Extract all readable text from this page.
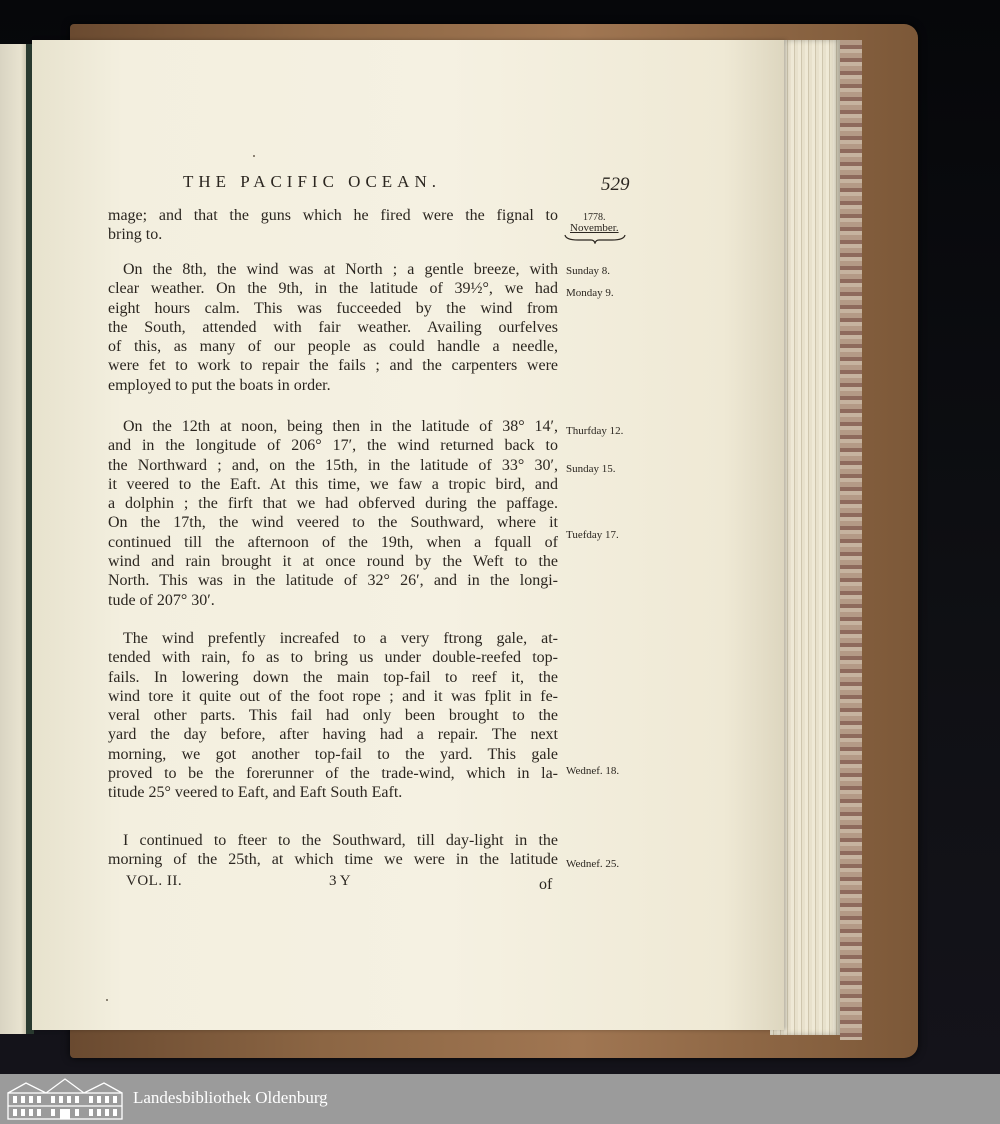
THE PACIFIC OCEAN.	529
1778.
November.
Sunday 8.
Monday 9.
Thurfday 12.
Sunday 15.
Tuefday 17.
Wednef. 18.
Wednef. 25.
mage; and that the guns which he fired were the fignal to
bring to.
On the 8th, the wind was at North ; a gentle breeze, with
clear weather. On the 9th, in the latitude of 39½°, we had
eight hours calm. This was fucceeded by the wind from
the South, attended with fair weather. Availing ourfelves
of this, as many of our people as could handle a needle,
were fet to work to repair the fails ; and the carpenters were
employed to put the boats in order.
On the 12th at noon, being then in the latitude of 38° 14′,
and in the longitude of 206° 17′, the wind returned back to
the Northward ; and, on the 15th, in the latitude of 33° 30′,
it veered to the Eaft. At this time, we faw a tropic bird, and
a dolphin ; the firft that we had obferved during the paffage.
On the 17th, the wind veered to the Southward, where it
continued till the afternoon of the 19th, when a fquall of
wind and rain brought it at once round by the Weft to the
North. This was in the latitude of 32° 26′, and in the longi-
tude of 207° 30′.
The wind prefently increafed to a very ftrong gale, at-
tended with rain, fo as to bring us under double-reefed top-
fails. In lowering down the main top-fail to reef it, the
wind tore it quite out of the foot rope ; and it was fplit in fe-
veral other parts. This fail had only been brought to the
yard the day before, after having had a repair. The next
morning, we got another top-fail to the yard. This gale
proved to be the forerunner of the trade-wind, which in la-
titude 25° veered to Eaft, and Eaft South Eaft.
I continued to fteer to the Southward, till day-light in the
morning of the 25th, at which time we were in the latitude
VOL. II.	3 Y	of
Landesbibliothek Oldenburg
